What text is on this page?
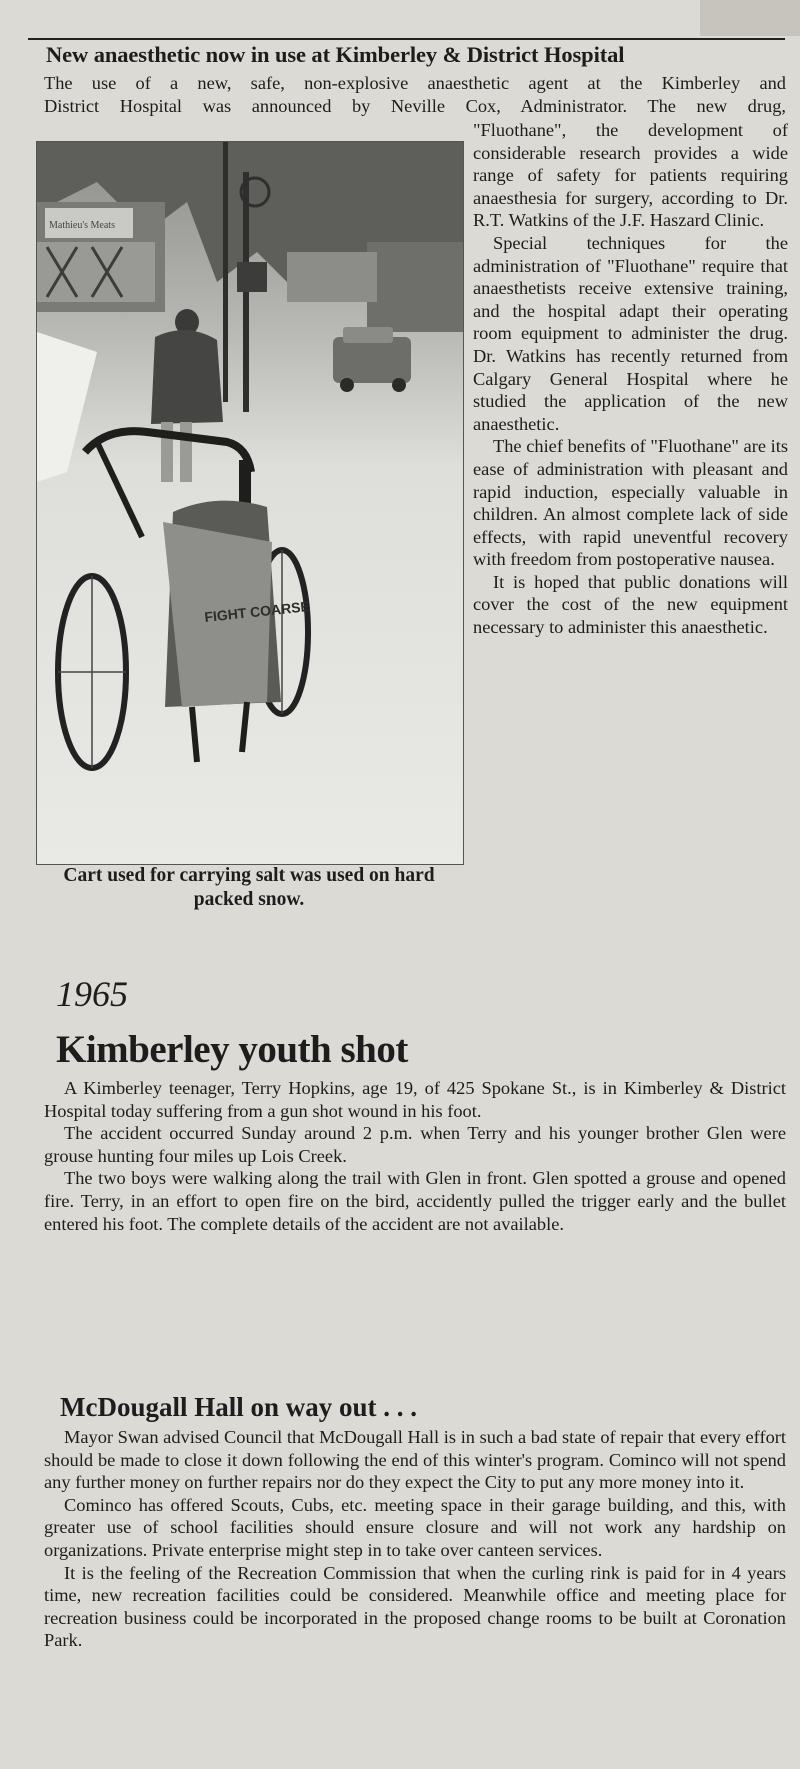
New anaesthetic now in use at Kimberley & District Hospital

The use of a new, safe, non-explosive anaesthetic agent at the Kimberley and

District Hospital was announced by Neville Cox, Administrator. The new drug,

Mathieu's Meats
FIGHT COARSE
Cart used for carrying salt was used on hard packed snow.

"Fluothane", the development of considerable research provides a wide range of safety for patients requiring anaesthesia for surgery, according to Dr. R.T. Watkins of the J.F. Haszard Clinic.

Special techniques for the administration of "Fluothane" require that anaesthetists receive extensive training, and the hospital adapt their operating room equipment to administer the drug. Dr. Watkins has recently returned from Calgary General Hospital where he studied the application of the new anaesthetic.

The chief benefits of "Fluothane" are its ease of administration with pleasant and rapid induction, especially valuable in children. An almost complete lack of side effects, with rapid uneventful recovery with freedom from postoperative nausea.

It is hoped that public donations will cover the cost of the new equipment necessary to administer this anaesthetic.

1965
Kimberley youth shot

A Kimberley teenager, Terry Hopkins, age 19, of 425 Spokane St., is in Kimberley & District Hospital today suffering from a gun shot wound in his foot.

The accident occurred Sunday around 2 p.m. when Terry and his younger brother Glen were grouse hunting four miles up Lois Creek.

The two boys were walking along the trail with Glen in front. Glen spotted a grouse and opened fire. Terry, in an effort to open fire on the bird, accidently pulled the trigger early and the bullet entered his foot. The complete details of the accident are not available.

McDougall Hall on way out . . .

Mayor Swan advised Council that McDougall Hall is in such a bad state of repair that every effort should be made to close it down following the end of this winter's program. Cominco will not spend any further money on further repairs nor do they expect the City to put any more money into it.

Cominco has offered Scouts, Cubs, etc. meeting space in their garage building, and this, with greater use of school facilities should ensure closure and will not work any hardship on organizations. Private enterprise might step in to take over canteen services.

It is the feeling of the Recreation Commission that when the curling rink is paid for in 4 years time, new recreation facilities could be considered. Meanwhile office and meeting place for recreation business could be incorporated in the proposed change rooms to be built at Coronation Park.
